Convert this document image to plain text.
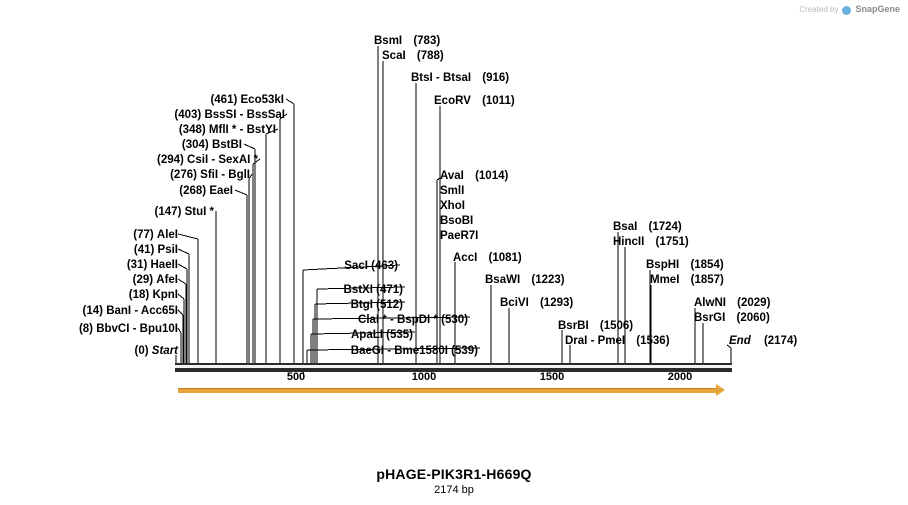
Created by SnapGene
(8) BbvCI - Bpu10I
(14) BanI - Acc65I
(18) KpnI
(29) AfeI
(31) HaeII
(41) PsiI
(77) AleI
(147) StuI *
(268) EaeI
(276) SfiI - BglI
(294) CsiI - SexAI *
(304) BstBI
(348) MflI * - BstYI
(403) BssSI - BssSaI
(461) Eco53kI
(0) Start	BaeGI - Bme1580I (539)
ApaLI (535)
ClaI * - BspDI * (530)
BtgI (512)
BstXI (471)
SacI (463)
BsmI (783)
ScaI (788)
BtsI - BtsaI (916)
EcoRV (1011)
AvaI (1014)
SmlI
XhoI
BsoBI
PaeR7I
AccI (1081)
BsaWI (1223)
BciVI (1293)
BsrBI (1506)
DraI - PmeI (1536)
BsaI (1724)
HincII (1751)
BspHI (1854)
MmeI (1857)
AlwNI (2029)
BsrGI (2060)
End (2174)
500	1000	1500	2000
pHAGE-PIK3R1-H669Q
2174 bp
